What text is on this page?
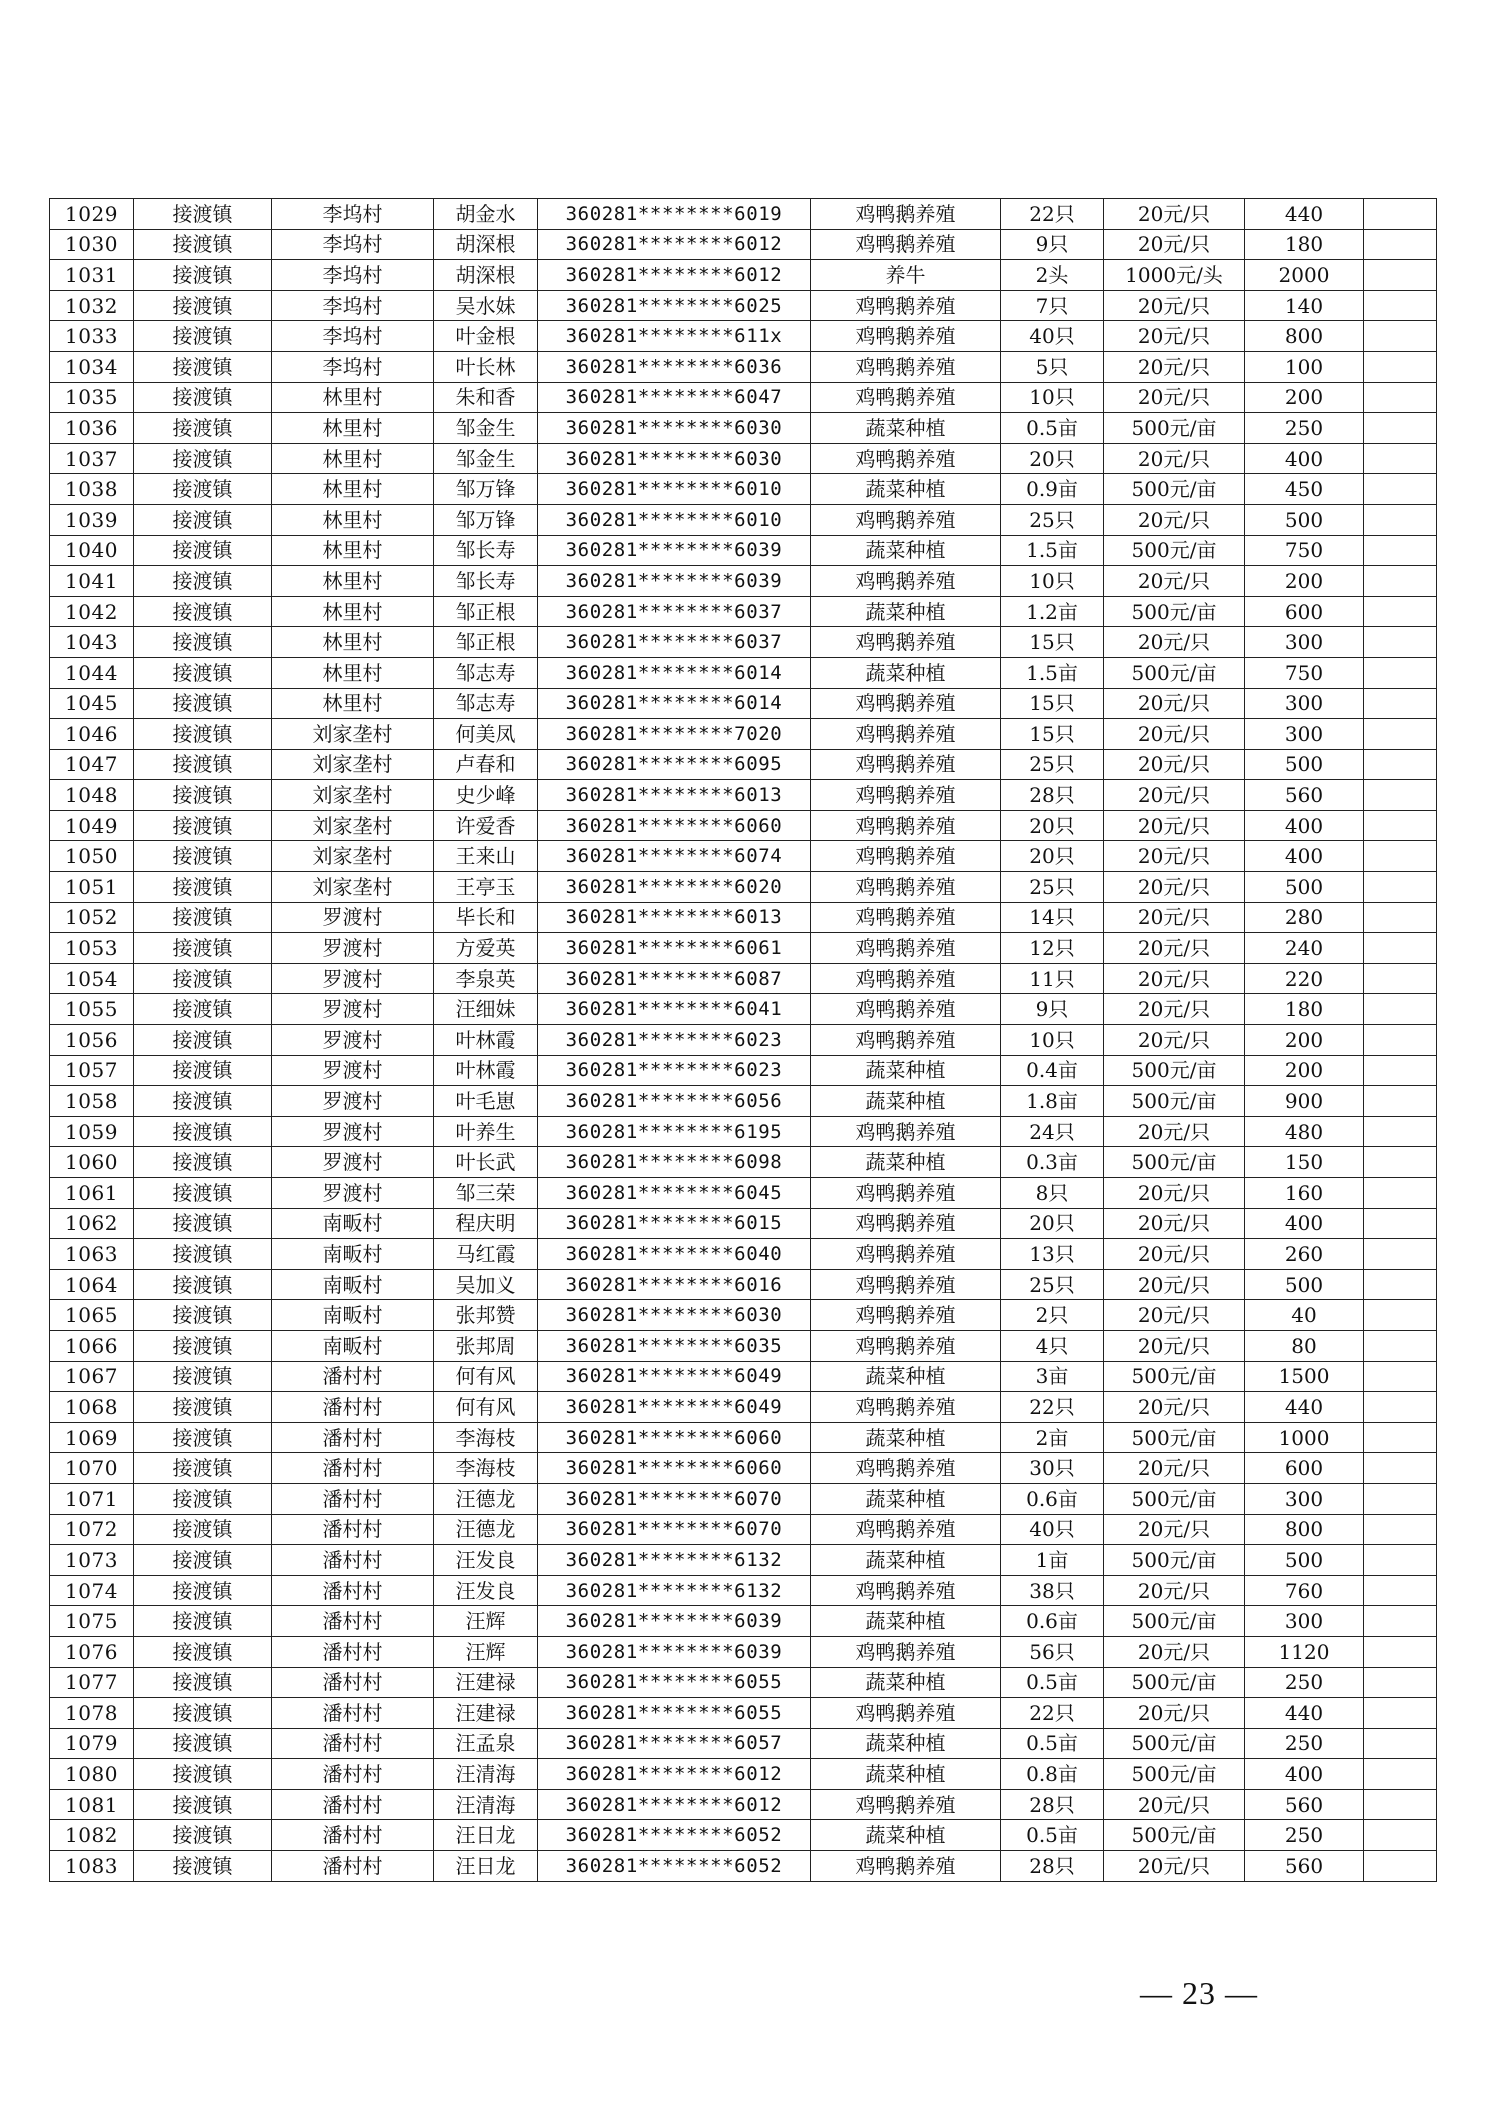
1029	接渡镇	李坞村	胡金水	360281********6019	鸡鸭鹅养殖	22只	20元/只	440	
1030	接渡镇	李坞村	胡深根	360281********6012	鸡鸭鹅养殖	9只	20元/只	180	
1031	接渡镇	李坞村	胡深根	360281********6012	养牛	2头	1000元/头	2000	
1032	接渡镇	李坞村	吴水妹	360281********6025	鸡鸭鹅养殖	7只	20元/只	140	
1033	接渡镇	李坞村	叶金根	360281********611x	鸡鸭鹅养殖	40只	20元/只	800	
1034	接渡镇	李坞村	叶长林	360281********6036	鸡鸭鹅养殖	5只	20元/只	100	
1035	接渡镇	林里村	朱和香	360281********6047	鸡鸭鹅养殖	10只	20元/只	200	
1036	接渡镇	林里村	邹金生	360281********6030	蔬菜种植	0.5亩	500元/亩	250	
1037	接渡镇	林里村	邹金生	360281********6030	鸡鸭鹅养殖	20只	20元/只	400	
1038	接渡镇	林里村	邹万锋	360281********6010	蔬菜种植	0.9亩	500元/亩	450	
1039	接渡镇	林里村	邹万锋	360281********6010	鸡鸭鹅养殖	25只	20元/只	500	
1040	接渡镇	林里村	邹长寿	360281********6039	蔬菜种植	1.5亩	500元/亩	750	
1041	接渡镇	林里村	邹长寿	360281********6039	鸡鸭鹅养殖	10只	20元/只	200	
1042	接渡镇	林里村	邹正根	360281********6037	蔬菜种植	1.2亩	500元/亩	600	
1043	接渡镇	林里村	邹正根	360281********6037	鸡鸭鹅养殖	15只	20元/只	300	
1044	接渡镇	林里村	邹志寿	360281********6014	蔬菜种植	1.5亩	500元/亩	750	
1045	接渡镇	林里村	邹志寿	360281********6014	鸡鸭鹅养殖	15只	20元/只	300	
1046	接渡镇	刘家垄村	何美凤	360281********7020	鸡鸭鹅养殖	15只	20元/只	300	
1047	接渡镇	刘家垄村	卢春和	360281********6095	鸡鸭鹅养殖	25只	20元/只	500	
1048	接渡镇	刘家垄村	史少峰	360281********6013	鸡鸭鹅养殖	28只	20元/只	560	
1049	接渡镇	刘家垄村	许爱香	360281********6060	鸡鸭鹅养殖	20只	20元/只	400	
1050	接渡镇	刘家垄村	王来山	360281********6074	鸡鸭鹅养殖	20只	20元/只	400	
1051	接渡镇	刘家垄村	王亭玉	360281********6020	鸡鸭鹅养殖	25只	20元/只	500	
1052	接渡镇	罗渡村	毕长和	360281********6013	鸡鸭鹅养殖	14只	20元/只	280	
1053	接渡镇	罗渡村	方爱英	360281********6061	鸡鸭鹅养殖	12只	20元/只	240	
1054	接渡镇	罗渡村	李泉英	360281********6087	鸡鸭鹅养殖	11只	20元/只	220	
1055	接渡镇	罗渡村	汪细妹	360281********6041	鸡鸭鹅养殖	9只	20元/只	180	
1056	接渡镇	罗渡村	叶林霞	360281********6023	鸡鸭鹅养殖	10只	20元/只	200	
1057	接渡镇	罗渡村	叶林霞	360281********6023	蔬菜种植	0.4亩	500元/亩	200	
1058	接渡镇	罗渡村	叶毛崽	360281********6056	蔬菜种植	1.8亩	500元/亩	900	
1059	接渡镇	罗渡村	叶养生	360281********6195	鸡鸭鹅养殖	24只	20元/只	480	
1060	接渡镇	罗渡村	叶长武	360281********6098	蔬菜种植	0.3亩	500元/亩	150	
1061	接渡镇	罗渡村	邹三荣	360281********6045	鸡鸭鹅养殖	8只	20元/只	160	
1062	接渡镇	南畈村	程庆明	360281********6015	鸡鸭鹅养殖	20只	20元/只	400	
1063	接渡镇	南畈村	马红霞	360281********6040	鸡鸭鹅养殖	13只	20元/只	260	
1064	接渡镇	南畈村	吴加义	360281********6016	鸡鸭鹅养殖	25只	20元/只	500	
1065	接渡镇	南畈村	张邦赞	360281********6030	鸡鸭鹅养殖	2只	20元/只	40	
1066	接渡镇	南畈村	张邦周	360281********6035	鸡鸭鹅养殖	4只	20元/只	80	
1067	接渡镇	潘村村	何有风	360281********6049	蔬菜种植	3亩	500元/亩	1500	
1068	接渡镇	潘村村	何有风	360281********6049	鸡鸭鹅养殖	22只	20元/只	440	
1069	接渡镇	潘村村	李海枝	360281********6060	蔬菜种植	2亩	500元/亩	1000	
1070	接渡镇	潘村村	李海枝	360281********6060	鸡鸭鹅养殖	30只	20元/只	600	
1071	接渡镇	潘村村	汪德龙	360281********6070	蔬菜种植	0.6亩	500元/亩	300	
1072	接渡镇	潘村村	汪德龙	360281********6070	鸡鸭鹅养殖	40只	20元/只	800	
1073	接渡镇	潘村村	汪发良	360281********6132	蔬菜种植	1亩	500元/亩	500	
1074	接渡镇	潘村村	汪发良	360281********6132	鸡鸭鹅养殖	38只	20元/只	760	
1075	接渡镇	潘村村	汪辉	360281********6039	蔬菜种植	0.6亩	500元/亩	300	
1076	接渡镇	潘村村	汪辉	360281********6039	鸡鸭鹅养殖	56只	20元/只	1120	
1077	接渡镇	潘村村	汪建禄	360281********6055	蔬菜种植	0.5亩	500元/亩	250	
1078	接渡镇	潘村村	汪建禄	360281********6055	鸡鸭鹅养殖	22只	20元/只	440	
1079	接渡镇	潘村村	汪孟泉	360281********6057	蔬菜种植	0.5亩	500元/亩	250	
1080	接渡镇	潘村村	汪清海	360281********6012	蔬菜种植	0.8亩	500元/亩	400	
1081	接渡镇	潘村村	汪清海	360281********6012	鸡鸭鹅养殖	28只	20元/只	560	
1082	接渡镇	潘村村	汪日龙	360281********6052	蔬菜种植	0.5亩	500元/亩	250	
1083	接渡镇	潘村村	汪日龙	360281********6052	鸡鸭鹅养殖	28只	20元/只	560	
— 23 —
